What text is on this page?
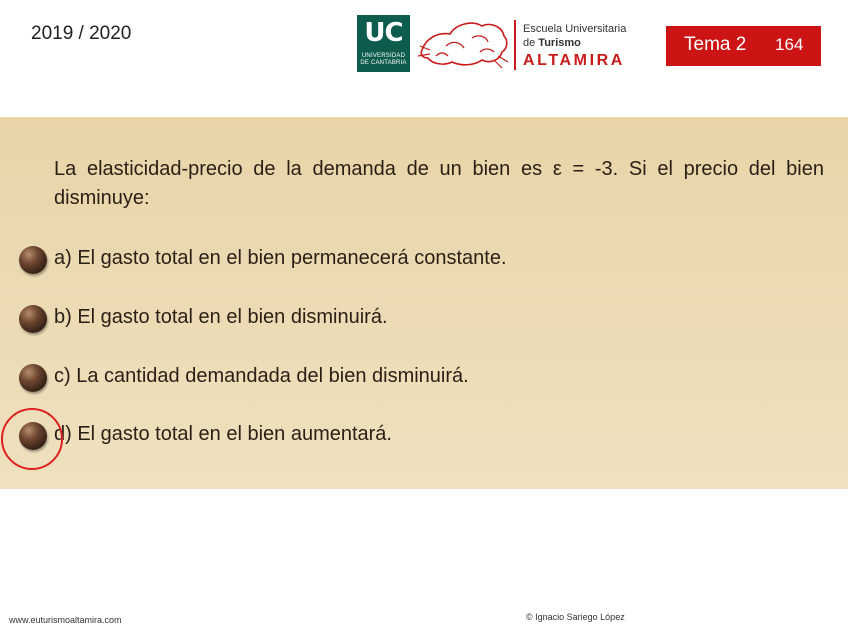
2019 / 2020	UC
UNIVERSIDAD
DE CANTABRIA
Escuela Universitaria
de Turismo
ALTAMIRA
Tema 2 164
La elasticidad-precio de la demanda de un bien es ε = -3. Si el precio del bien disminuye:
a) El gasto total en el bien permanecerá constante.
b) El gasto total en el bien disminuirá.
c) La cantidad demandada del bien disminuirá.
d) El gasto total en el bien aumentará.
www.euturismoaltamira.com	© Ignacio Sariego López
